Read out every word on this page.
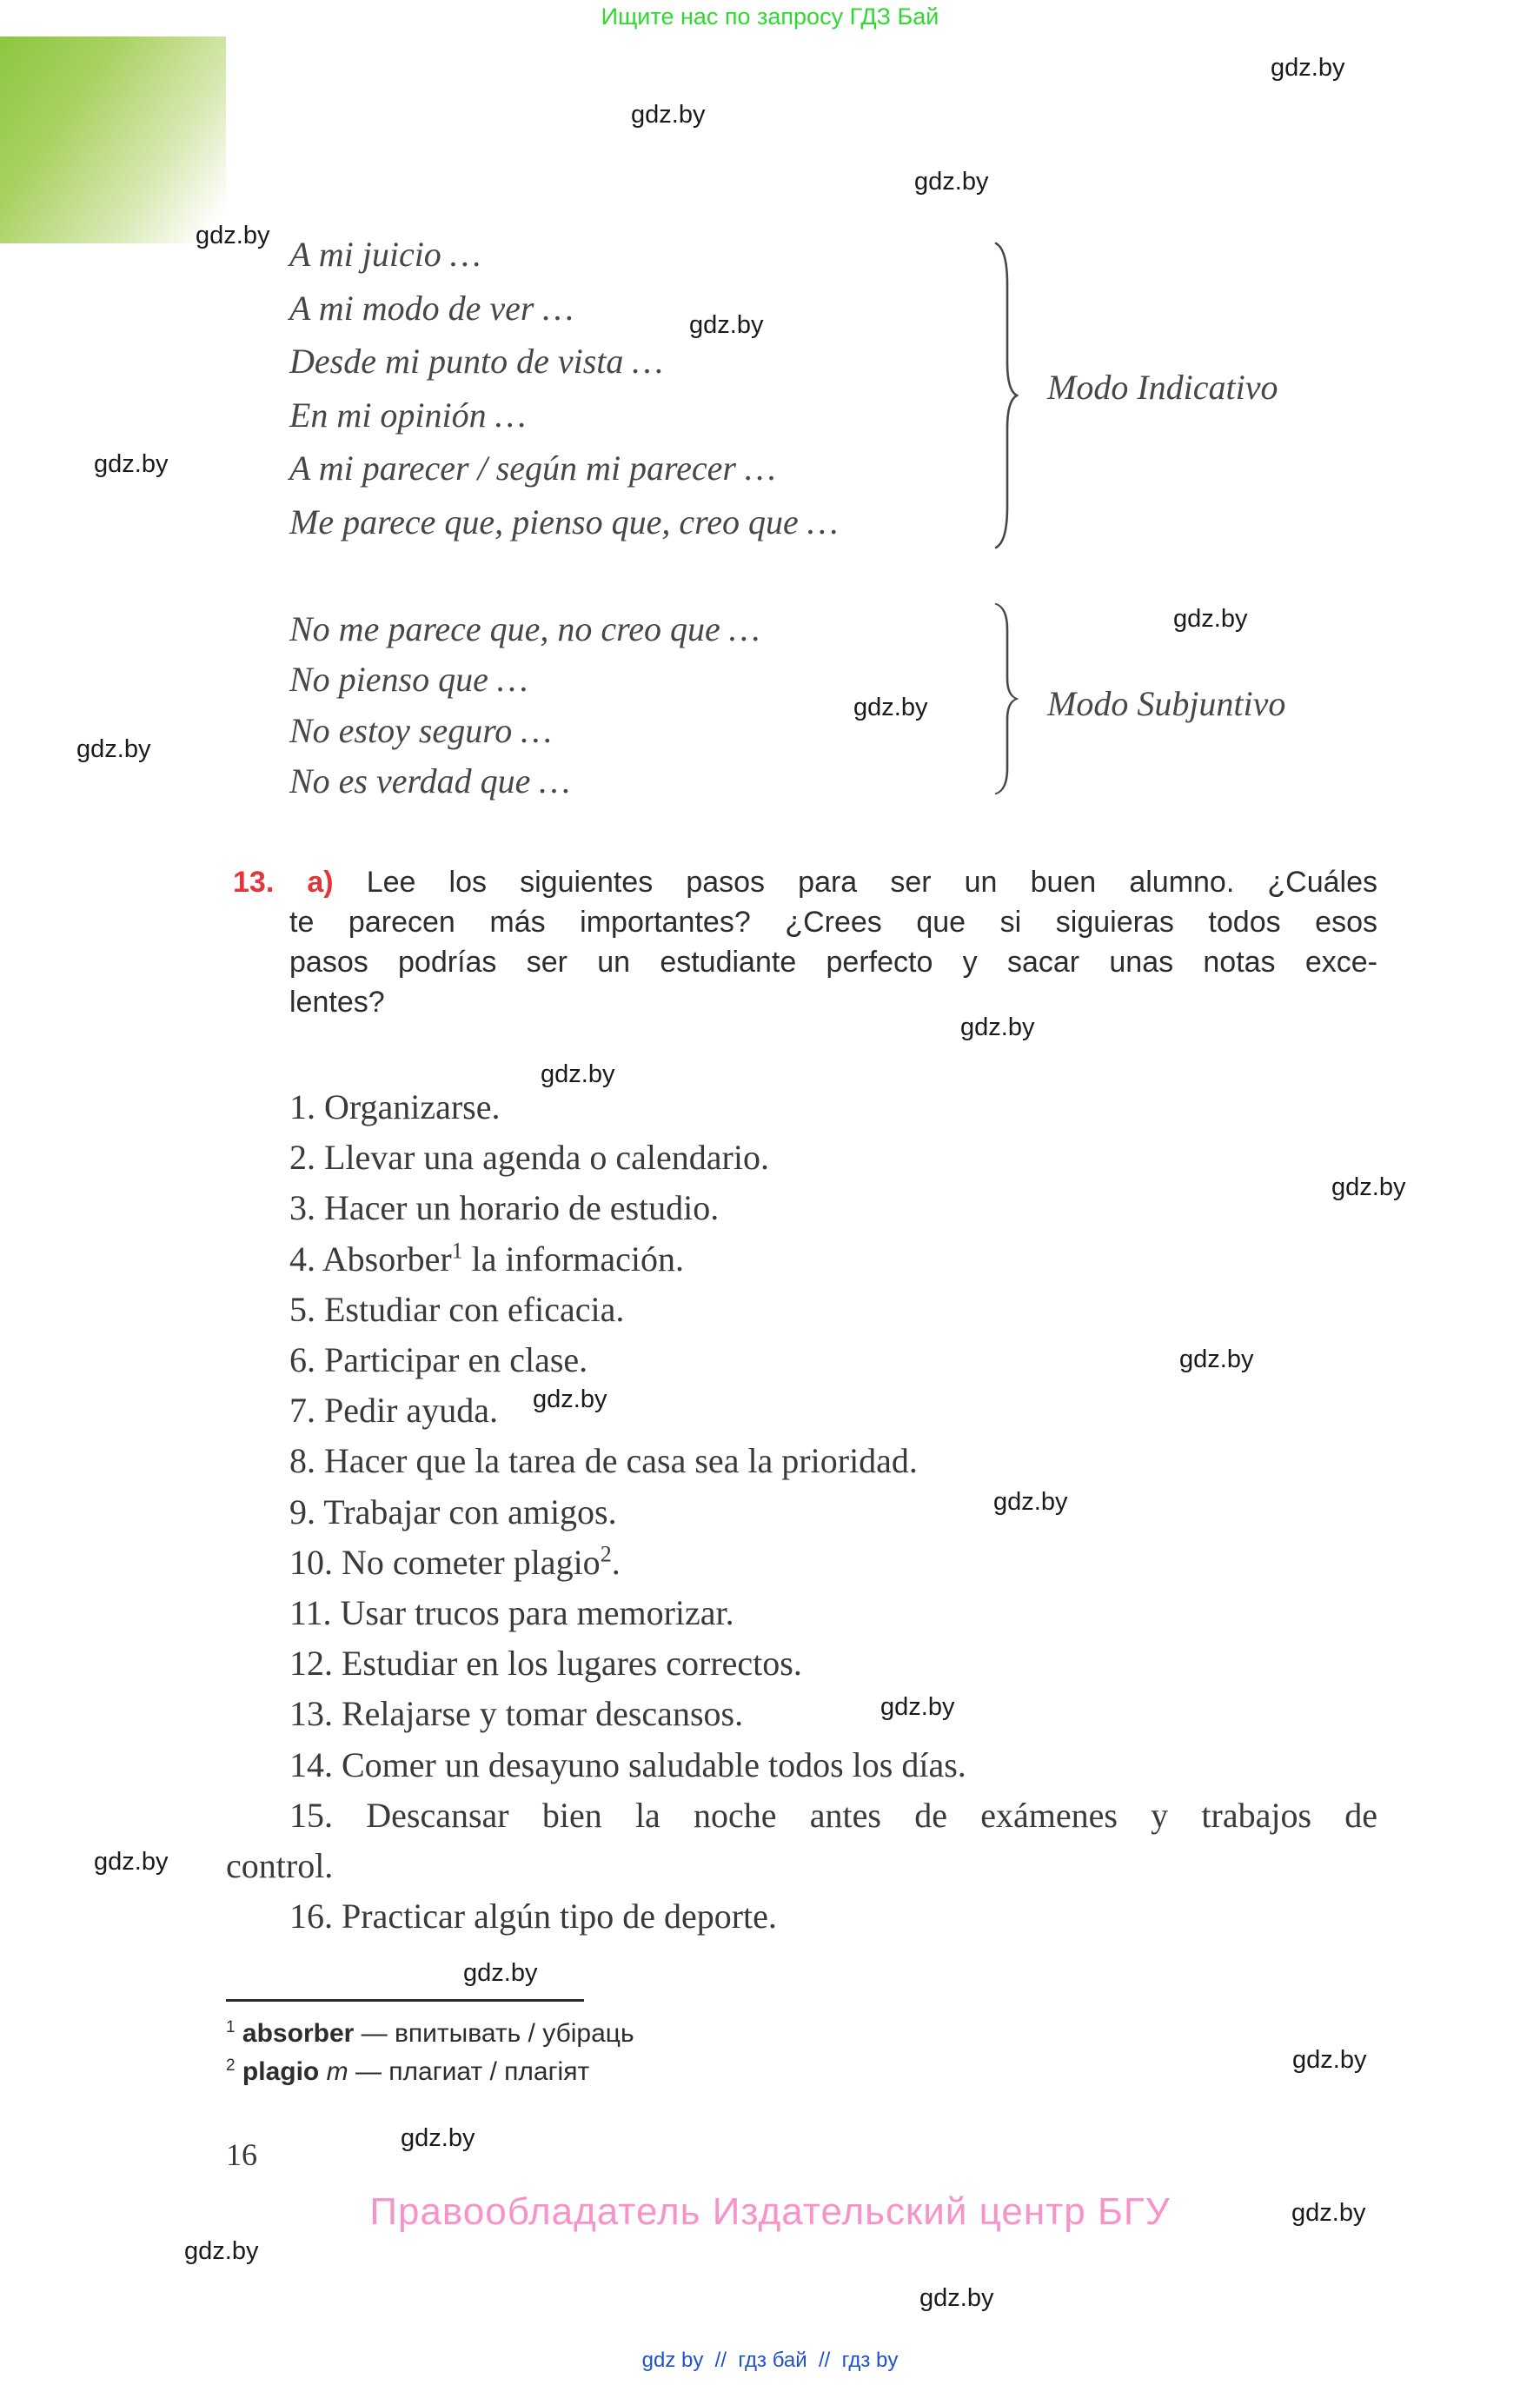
Ищите нас по запросу ГДЗ Бай
A mi juicio …
A mi modo de ver …
Desde mi punto de vista …
En mi opinión …
A mi parecer / según mi parecer …
Me parece que, pienso que, creo que …
Modo Indicativo
No me parece que, no creo que …
No pienso que …
No estoy seguro …
No es verdad que …
Modo Subjuntivo
13. a) Lee los siguientes pasos para ser un buen alumno. ¿Cuáles
te parecen más importantes? ¿Crees que si siguieras todos esos
pasos podrías ser un estudiante perfecto y sacar unas notas exce-
lentes?
1. Organizarse.
2. Llevar una agenda o calendario.
3. Hacer un horario de estudio.
4. Absorber$^1$ la información.
5. Estudiar con eficacia.
6. Participar en clase.
7. Pedir ayuda.
8. Hacer que la tarea de casa sea la prioridad.
9. Trabajar con amigos.
10. No cometer plagio$^2$.
11. Usar trucos para memorizar.
12. Estudiar en los lugares correctos.
13. Relajarse y tomar descansos.
14. Comer un desayuno saludable todos los días.
15. Descansar bien la noche antes de exámenes y trabajos de
control.
16. Practicar algún tipo de deporte.
$^1$ absorber — впитывать / убіраць
$^2$ plagio m — плагиат / плагіят
16
Правообладатель Издательский центр БГУ
gdz by  //  гдз бай  //  гдз by
gdz.by
gdz.by
gdz.by
gdz.by
gdz.by
gdz.by
gdz.by
gdz.by
gdz.by
gdz.by
gdz.by
gdz.by
gdz.by
gdz.by
gdz.by
gdz.by
gdz.by
gdz.by
gdz.by
gdz.by
gdz.by
gdz.by
gdz.by
